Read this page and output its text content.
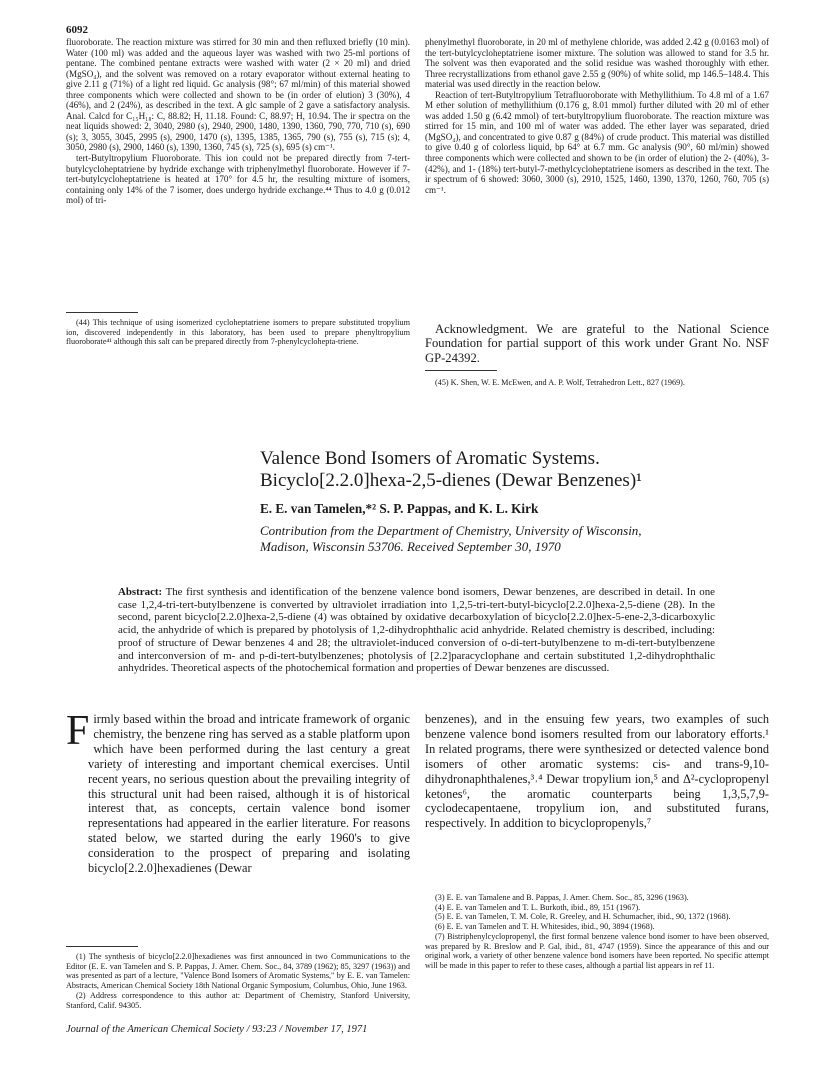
6092

fluoroborate. The reaction mixture was stirred for 30 min and then refluxed briefly (10 min). Water (100 ml) was added and the aqueous layer was washed with two 25-ml portions of pentane. The combined pentane extracts were washed with water (2 × 20 ml) and dried (MgSO₄), and the solvent was removed on a rotary evaporator without external heating to give 2.11 g (71%) of a light red liquid. Gc analysis (98°; 67 ml/min) of this material showed three components which were collected and shown to be (in order of elution) 3 (30%), 4 (46%), and 2 (24%), as described in the text. A glc sample of 2 gave a satisfactory analysis. Anal. Calcd for C₁₅H₁₈: C, 88.82; H, 11.18. Found: C, 88.97; H, 10.94. The ir spectra on the neat liquids showed: 2, 3040, 2980 (s), 2940, 2900, 1480, 1390, 1360, 790, 770, 710 (s), 690 (s); 3, 3055, 3045, 2995 (s), 2900, 1470 (s), 1395, 1385, 1365, 790 (s), 755 (s), 715 (s); 4, 3050, 2980 (s), 2900, 1460 (s), 1390, 1360, 745 (s), 725 (s), 695 (s) cm⁻¹.

tert-Butyltropylium Fluoroborate. This ion could not be prepared directly from 7-tert-butylcycloheptatriene by hydride exchange with triphenylmethyl fluoroborate. However if 7-tert-butylcycloheptatriene is heated at 170° for 4.5 hr, the resulting mixture of isomers, containing only 14% of the 7 isomer, does undergo hydride exchange.⁴⁴ Thus to 4.0 g (0.012 mol) of tri-

(44) This technique of using isomerized cycloheptatriene isomers to prepare substituted tropylium ion, discovered independently in this laboratory, has been used to prepare phenyltropylium fluoroborate⁴¹ although this salt can be prepared directly from 7-phenylcyclohepta-triene.

phenylmethyl fluoroborate, in 20 ml of methylene chloride, was added 2.42 g (0.0163 mol) of the tert-butylcycloheptatriene isomer mixture. The solution was allowed to stand for 3.5 hr. The solvent was then evaporated and the solid residue was washed thoroughly with ether. Three recrystallizations from ethanol gave 2.55 g (90%) of white solid, mp 146.5–148.4. This material was used directly in the reaction below.

Reaction of tert-Butyltropylium Tetrafluoroborate with Methyllithium. To 4.8 ml of a 1.67 M ether solution of methyllithium (0.176 g, 8.01 mmol) further diluted with 20 ml of ether was added 1.50 g (6.42 mmol) of tert-butyltropylium fluoroborate. The reaction mixture was stirred for 15 min, and 100 ml of water was added. The ether layer was separated, dried (MgSO₄), and concentrated to give 0.87 g (84%) of crude product. This material was distilled to give 0.40 g of colorless liquid, bp 64° at 6.7 mm. Gc analysis (90°, 60 ml/min) showed three components which were collected and shown to be (in order of elution) the 2- (40%), 3- (42%), and 1- (18%) tert-butyl-7-methylcycloheptatriene isomers as described in the text. The ir spectrum of 6 showed: 3060, 3000 (s), 2910, 1525, 1460, 1390, 1370, 1260, 760, 705 (s) cm⁻¹.

Acknowledgment. We are grateful to the National Science Foundation for partial support of this work under Grant No. NSF GP-24392.

(45) K. Shen, W. E. McEwen, and A. P. Wolf, Tetrahedron Lett., 827 (1969).

Valence Bond Isomers of Aromatic Systems.
Bicyclo[2.2.0]hexa-2,5-dienes (Dewar Benzenes)¹
E. E. van Tamelen,*² S. P. Pappas, and K. L. Kirk
Contribution from the Department of Chemistry, University of Wisconsin,
Madison, Wisconsin 53706. Received September 30, 1970

Abstract: The first synthesis and identification of the benzene valence bond isomers, Dewar benzenes, are described in detail. In one case 1,2,4-tri-tert-butylbenzene is converted by ultraviolet irradiation into 1,2,5-tri-tert-butyl-bicyclo[2.2.0]hexa-2,5-diene (28). In the second, parent bicyclo[2.2.0]hexa-2,5-diene (4) was obtained by oxidative decarboxylation of bicyclo[2.2.0]hex-5-ene-2,3-dicarboxylic acid, the anhydride of which is prepared by photolysis of 1,2-dihydrophthalic acid anhydride. Related chemistry is described, including: proof of structure of Dewar benzenes 4 and 28; the ultraviolet-induced conversion of o-di-tert-butylbenzene to m-di-tert-butylbenzene and interconversion of m- and p-di-tert-butylbenzenes; photolysis of [2.2]paracyclophane and certain substituted 1,2-dihydrophthalic anhydrides. Theoretical aspects of the photochemical formation and properties of Dewar benzenes are discussed.

Firmly based within the broad and intricate framework of organic chemistry, the benzene ring has served as a stable platform upon which have been performed during the last century a great variety of interesting and important chemical exercises. Until recent years, no serious question about the prevailing integrity of this structural unit had been raised, although it is of historical interest that, as concepts, certain valence bond isomer representations had appeared in the earlier literature. For reasons stated below, we started during the early 1960's to give consideration to the prospect of preparing and isolating bicyclo[2.2.0]hexadienes (Dewar

benzenes), and in the ensuing few years, two examples of such benzene valence bond isomers resulted from our laboratory efforts.¹ In related programs, there were synthesized or detected valence bond isomers of other aromatic systems: cis- and trans-9,10-dihydronaphthalenes,³˒⁴ Dewar tropylium ion,⁵ and Δ²-cyclopropenyl ketones⁶, the aromatic counterparts being 1,3,5,7,9-cyclodecapentaene, tropylium ion, and substituted furans, respectively. In addition to bicyclopropenyls,⁷

(1) The synthesis of bicyclo[2.2.0]hexadienes was first announced in two Communications to the Editor (E. E. van Tamelen and S. P. Pappas, J. Amer. Chem. Soc., 84, 3789 (1962); 85, 3297 (1963)) and was presented as part of a lecture, "Valence Bond Isomers of Aromatic Systems," by E. E. van Tamelen: Abstracts, American Chemical Society 18th National Organic Symposium, Columbus, Ohio, June 1963.

(2) Address correspondence to this author at: Department of Chemistry, Stanford University, Stanford, Calif. 94305.

(3) E. E. van Tamalene and B. Pappas, J. Amer. Chem. Soc., 85, 3296 (1963).

(4) E. E. van Tamelen and T. L. Burkoth, ibid., 89, 151 (1967).

(5) E. E. van Tamelen, T. M. Cole, R. Greeley, and H. Schumacher, ibid., 90, 1372 (1968).

(6) E. E. van Tamelen and T. H. Whitesides, ibid., 90, 3894 (1968).

(7) Bistriphenylcyclopropenyl, the first formal benzene valence bond isomer to have been observed, was prepared by R. Breslow and P. Gal, ibid., 81, 4747 (1959). Since the appearance of this and our original work, a variety of other benzene valence bond isomers have been reported. No specific attempt will be made in this paper to refer to these cases, although a partial list appears in ref 11.

Journal of the American Chemical Society / 93:23 / November 17, 1971
